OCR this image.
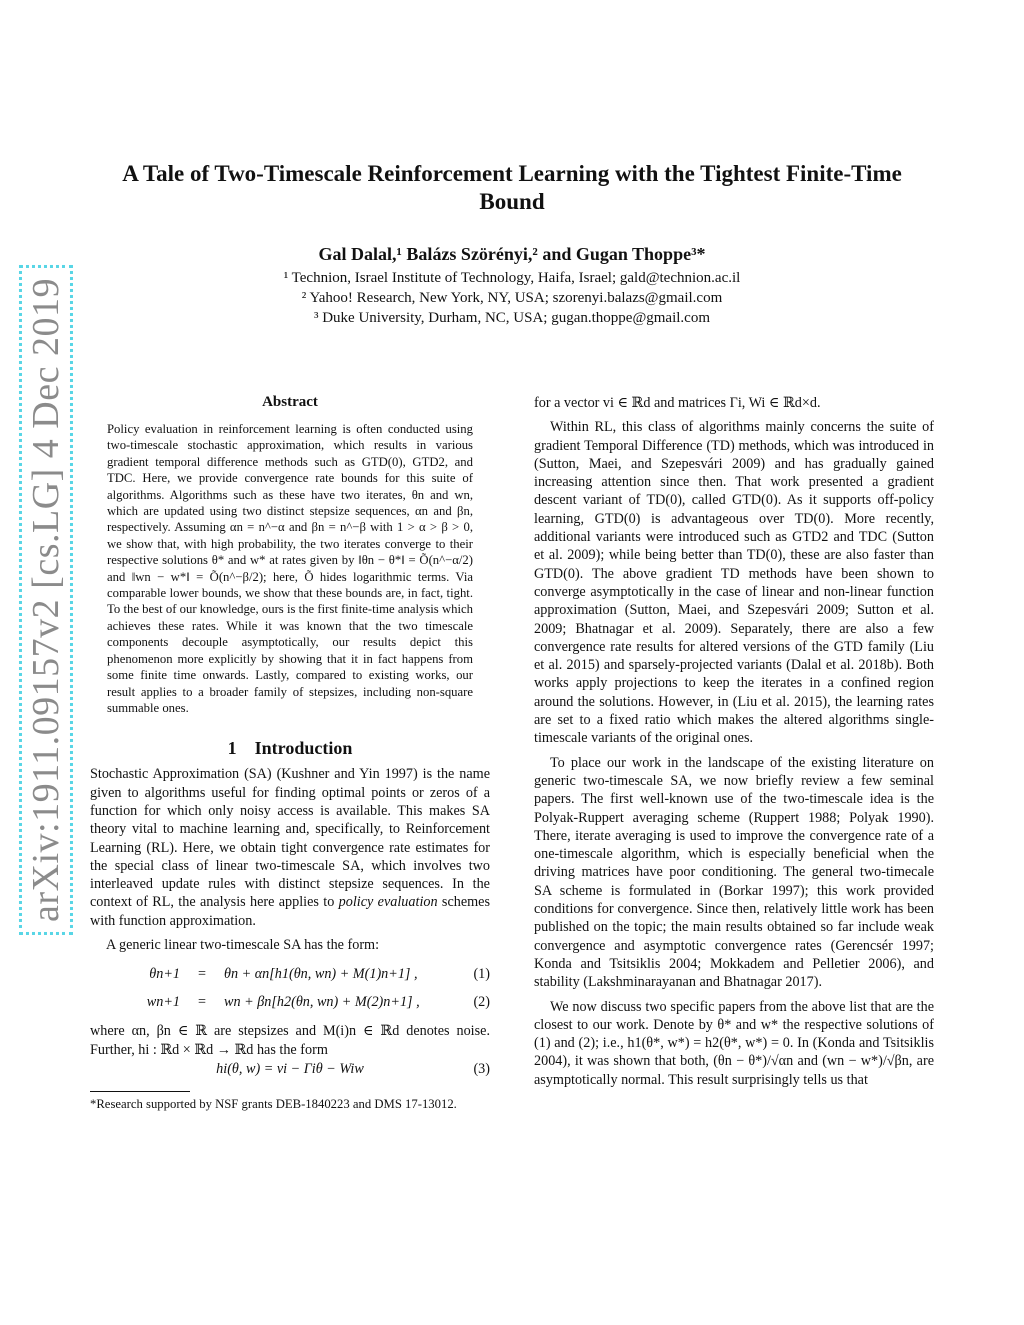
arXiv:1911.09157v2 [cs.LG] 4 Dec 2019
A Tale of Two-Timescale Reinforcement Learning with the Tightest Finite-Time Bound
Gal Dalal,¹ Balázs Szörényi,² and Gugan Thoppe³*
¹ Technion, Israel Institute of Technology, Haifa, Israel; gald@technion.ac.il
² Yahoo! Research, New York, NY, USA; szorenyi.balazs@gmail.com
³ Duke University, Durham, NC, USA; gugan.thoppe@gmail.com
Abstract
Policy evaluation in reinforcement learning is often conducted using two-timescale stochastic approximation, which results in various gradient temporal difference methods such as GTD(0), GTD2, and TDC. Here, we provide convergence rate bounds for this suite of algorithms. Algorithms such as these have two iterates, θn and wn, which are updated using two distinct stepsize sequences, αn and βn, respectively. Assuming αn = n^−α and βn = n^−β with 1 > α > β > 0, we show that, with high probability, the two iterates converge to their respective solutions θ* and w* at rates given by ‖θn − θ*‖ = Õ(n^−α/2) and ‖wn − w*‖ = Õ(n^−β/2); here, Õ hides logarithmic terms. Via comparable lower bounds, we show that these bounds are, in fact, tight. To the best of our knowledge, ours is the first finite-time analysis which achieves these rates. While it was known that the two timescale components decouple asymptotically, our results depict this phenomenon more explicitly by showing that it in fact happens from some finite time onwards. Lastly, compared to existing works, our result applies to a broader family of stepsizes, including non-square summable ones.
1 Introduction

Stochastic Approximation (SA) (Kushner and Yin 1997) is the name given to algorithms useful for finding optimal points or zeros of a function for which only noisy access is available. This makes SA theory vital to machine learning and, specifically, to Reinforcement Learning (RL). Here, we obtain tight convergence rate estimates for the special class of linear two-timescale SA, which involves two interleaved update rules with distinct stepsize sequences. In the context of RL, the analysis here applies to policy evaluation schemes with function approximation.

A generic linear two-timescale SA has the form:

θn+1	=	θn + αn[h1(θn, wn) + M(1)n+1] ,	(1)
wn+1	=	wn + βn[h2(θn, wn) + M(2)n+1] ,	(2)

where αn, βn ∈ ℝ are stepsizes and M(i)n ∈ ℝd denotes noise. Further, hi : ℝd × ℝd → ℝd has the form

hi(θ, w) = vi − Γiθ − Wiw	(3)
*Research supported by NSF grants DEB-1840223 and DMS 17-13012.
for a vector vi ∈ ℝd and matrices Γi, Wi ∈ ℝd×d.

Within RL, this class of algorithms mainly concerns the suite of gradient Temporal Difference (TD) methods, which was introduced in (Sutton, Maei, and Szepesvári 2009) and has gradually gained increasing attention since then. That work presented a gradient descent variant of TD(0), called GTD(0). As it supports off-policy learning, GTD(0) is advantageous over TD(0). More recently, additional variants were introduced such as GTD2 and TDC (Sutton et al. 2009); while being better than TD(0), these are also faster than GTD(0). The above gradient TD methods have been shown to converge asymptotically in the case of linear and non-linear function approximation (Sutton, Maei, and Szepesvári 2009; Sutton et al. 2009; Bhatnagar et al. 2009). Separately, there are also a few convergence rate results for altered versions of the GTD family (Liu et al. 2015) and sparsely-projected variants (Dalal et al. 2018b). Both works apply projections to keep the iterates in a confined region around the solutions. However, in (Liu et al. 2015), the learning rates are set to a fixed ratio which makes the altered algorithms single-timescale variants of the original ones.

To place our work in the landscape of the existing literature on generic two-timescale SA, we now briefly review a few seminal papers. The first well-known use of the two-timescale idea is the Polyak-Ruppert averaging scheme (Ruppert 1988; Polyak 1990). There, iterate averaging is used to improve the convergence rate of a one-timescale algorithm, which is especially beneficial when the driving matrices have poor conditioning. The general two-timecale SA scheme is formulated in (Borkar 1997); this work provided conditions for convergence. Since then, relatively little work has been published on the topic; the main results obtained so far include weak convergence and asymptotic convergence rates (Gerencsér 1997; Konda and Tsitsiklis 2004; Mokkadem and Pelletier 2006), and stability (Lakshminarayanan and Bhatnagar 2017).

We now discuss two specific papers from the above list that are the closest to our work. Denote by θ* and w* the respective solutions of (1) and (2); i.e., h1(θ*, w*) = h2(θ*, w*) = 0. In (Konda and Tsitsiklis 2004), it was shown that both, (θn − θ*)/√αn and (wn − w*)/√βn, are asymptotically normal. This result surprisingly tells us that
